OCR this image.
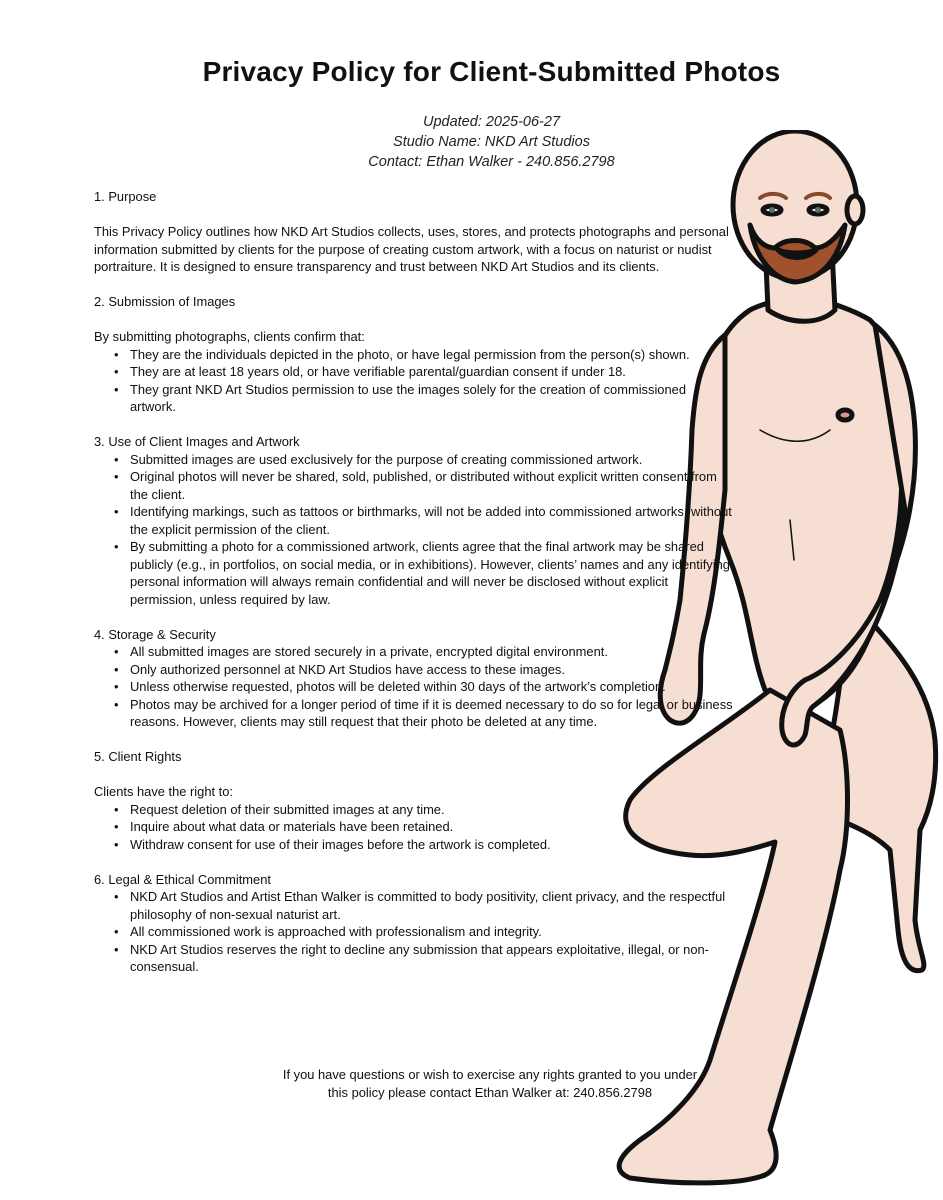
Privacy Policy for Client-Submitted Photos
Updated: 2025-06-27
Studio Name: NKD Art Studios
Contact: Ethan Walker - 240.856.2798
1. Purpose
This Privacy Policy outlines how NKD Art Studios collects, uses, stores, and protects photographs and personal information submitted by clients for the purpose of creating custom artwork, with a focus on naturist or nudist portraiture. It is designed to ensure transparency and trust between NKD Art Studios and its clients.
2. Submission of Images
By submitting photographs, clients confirm that:
• They are the individuals depicted in the photo, or have legal permission from the person(s) shown.
• They are at least 18 years old, or have verifiable parental/guardian consent if under 18.
• They grant NKD Art Studios permission to use the images solely for the creation of commissioned artwork.
3. Use of Client Images and Artwork
• Submitted images are used exclusively for the purpose of creating commissioned artwork.
• Original photos will never be shared, sold, published, or distributed without explicit written consent from the client.
• Identifying markings, such as tattoos or birthmarks, will not be added into commissioned artworks, without the explicit permission of the client.
• By submitting a photo for a commissioned artwork, clients agree that the final artwork may be shared publicly (e.g., in portfolios, on social media, or in exhibitions). However, clients’ names and any identifying personal information will always remain confidential and will never be disclosed without explicit permission, unless required by law.
4. Storage & Security
• All submitted images are stored securely in a private, encrypted digital environment.
• Only authorized personnel at NKD Art Studios have access to these images.
• Unless otherwise requested, photos will be deleted within 30 days of the artwork’s completion.
• Photos may be archived for a longer period of time if it is deemed necessary to do so for legal or business reasons. However, clients may still request that their photo be deleted at any time.
5. Client Rights
Clients have the right to:
• Request deletion of their submitted images at any time.
• Inquire about what data or materials have been retained.
• Withdraw consent for use of their images before the artwork is completed.
6. Legal & Ethical Commitment
• NKD Art Studios and Artist Ethan Walker is committed to body positivity, client privacy, and the respectful philosophy of non-sexual naturist art.
• All commissioned work is approached with professionalism and integrity.
• NKD Art Studios reserves the right to decline any submission that appears exploitative, illegal, or non-consensual.
If you have questions or wish to exercise any rights granted to you under
this policy please contact Ethan Walker at: 240.856.2798
